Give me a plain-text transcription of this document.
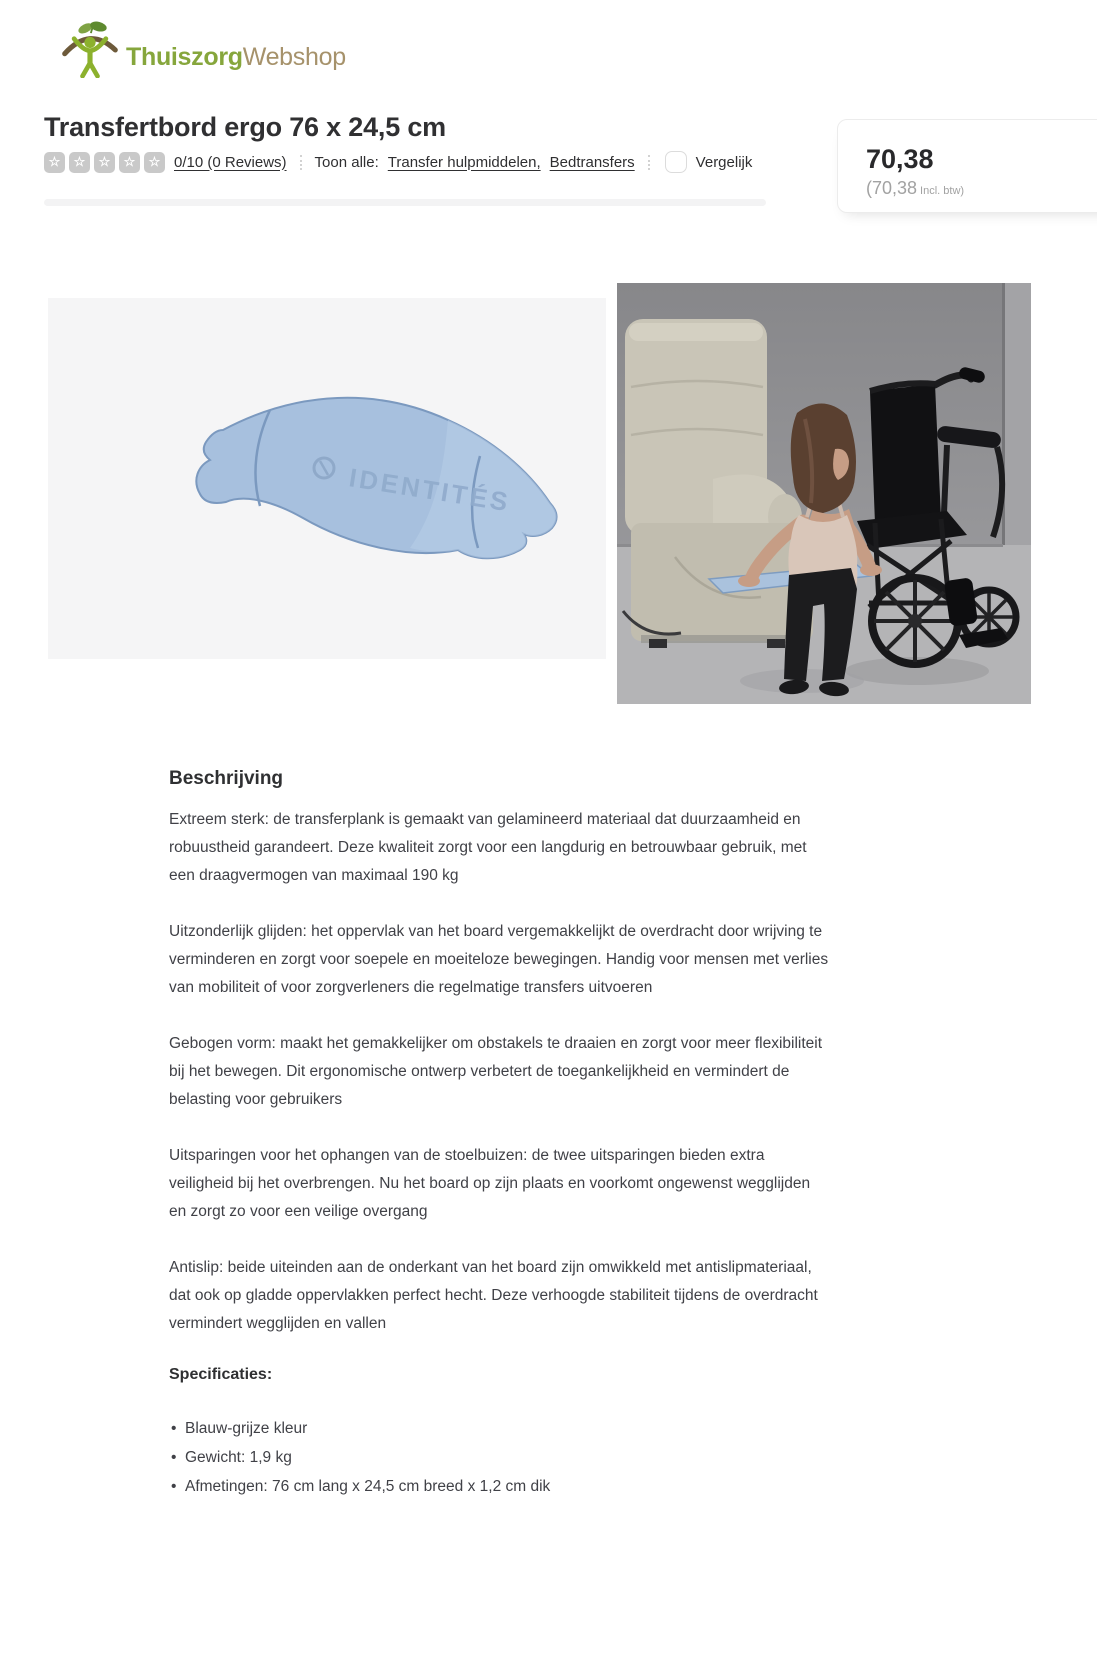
ThuiszorgWebshop
Transfertbord ergo 76 x 24,5 cm
☆	☆	☆	☆	☆ 0/10 (0 Reviews) Toon alle: Transfer hulpmiddelen, Bedtransfers	Vergelijk	70,38
(70,38 Incl. btw)
IDENTITÉS
Beschrijving

Extreem sterk: de transferplank is gemaakt van gelamineerd materiaal dat duurzaamheid en robuustheid garandeert. Deze kwaliteit zorgt voor een langdurig en betrouwbaar gebruik, met een draagvermogen van maximaal 190 kg

Uitzonderlijk glijden: het oppervlak van het board vergemakkelijkt de overdracht door wrijving te verminderen en zorgt voor soepele en moeiteloze bewegingen. Handig voor mensen met verlies van mobiliteit of voor zorgverleners die regelmatige transfers uitvoeren

Gebogen vorm: maakt het gemakkelijker om obstakels te draaien en zorgt voor meer flexibiliteit bij het bewegen. Dit ergonomische ontwerp verbetert de toegankelijkheid en vermindert de belasting voor gebruikers

Uitsparingen voor het ophangen van de stoelbuizen: de twee uitsparingen bieden extra veiligheid bij het overbrengen. Nu het board op zijn plaats en voorkomt ongewenst wegglijden en zorgt zo voor een veilige overgang

Antislip: beide uiteinden aan de onderkant van het board zijn omwikkeld met antislipmateriaal, dat ook op gladde oppervlakken perfect hecht. Deze verhoogde stabiliteit tijdens de overdracht vermindert wegglijden en vallen

Specificaties:
• Blauw-grijze kleur
• Gewicht: 1,9 kg
• Afmetingen: 76 cm lang x 24,5 cm breed x 1,2 cm dik
